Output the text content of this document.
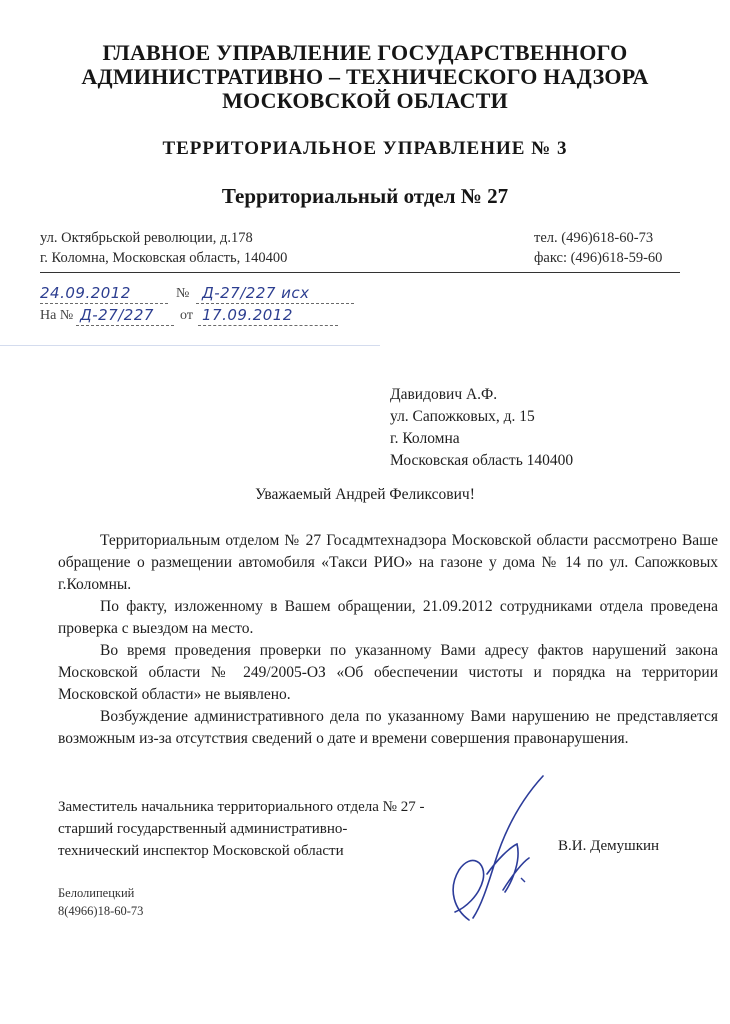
ГЛАВНОЕ УПРАВЛЕНИЕ ГОСУДАРСТВЕННОГО
АДМИНИСТРАТИВНО – ТЕХНИЧЕСКОГО НАДЗОРА
МОСКОВСКОЙ ОБЛАСТИ
ТЕРРИТОРИАЛЬНОЕ УПРАВЛЕНИЕ № 3
Территориальный отдел № 27
ул. Октябрьской революции, д.178
г. Коломна, Московская область, 140400
тел. (496)618-60-73
факс: (496)618-59-60
24.09.2012	№ Д-27/227 исх
На № Д-27/227 от 17.09.2012
Давидович А.Ф.
ул. Сапожковых, д. 15
г. Коломна
Московская область 140400
Уважаемый Андрей Феликсович!

Территориальным отделом № 27 Госадмтехнадзора Московской области рассмотрено Ваше обращение о размещении автомобиля «Такси РИО» на газоне у дома № 14 по ул. Сапожковых г.Коломны.

По факту, изложенному в Вашем обращении, 21.09.2012 сотрудниками отдела проведена проверка с выездом на место.

Во время проведения проверки по указанному Вами адресу фактов нарушений закона Московской области № 249/2005-ОЗ «Об обеспечении чистоты и порядка на территории Московской области» не выявлено.

Возбуждение административного дела по указанному Вами нарушению не представляется возможным из-за отсутствия сведений о дате и времени совершения правонарушения.

Заместитель начальника территориального отдела № 27 -
старший государственный административно-
технический инспектор Московской области	В.И. Демушкин
Белолипецкий
8(4966)18-60-73
